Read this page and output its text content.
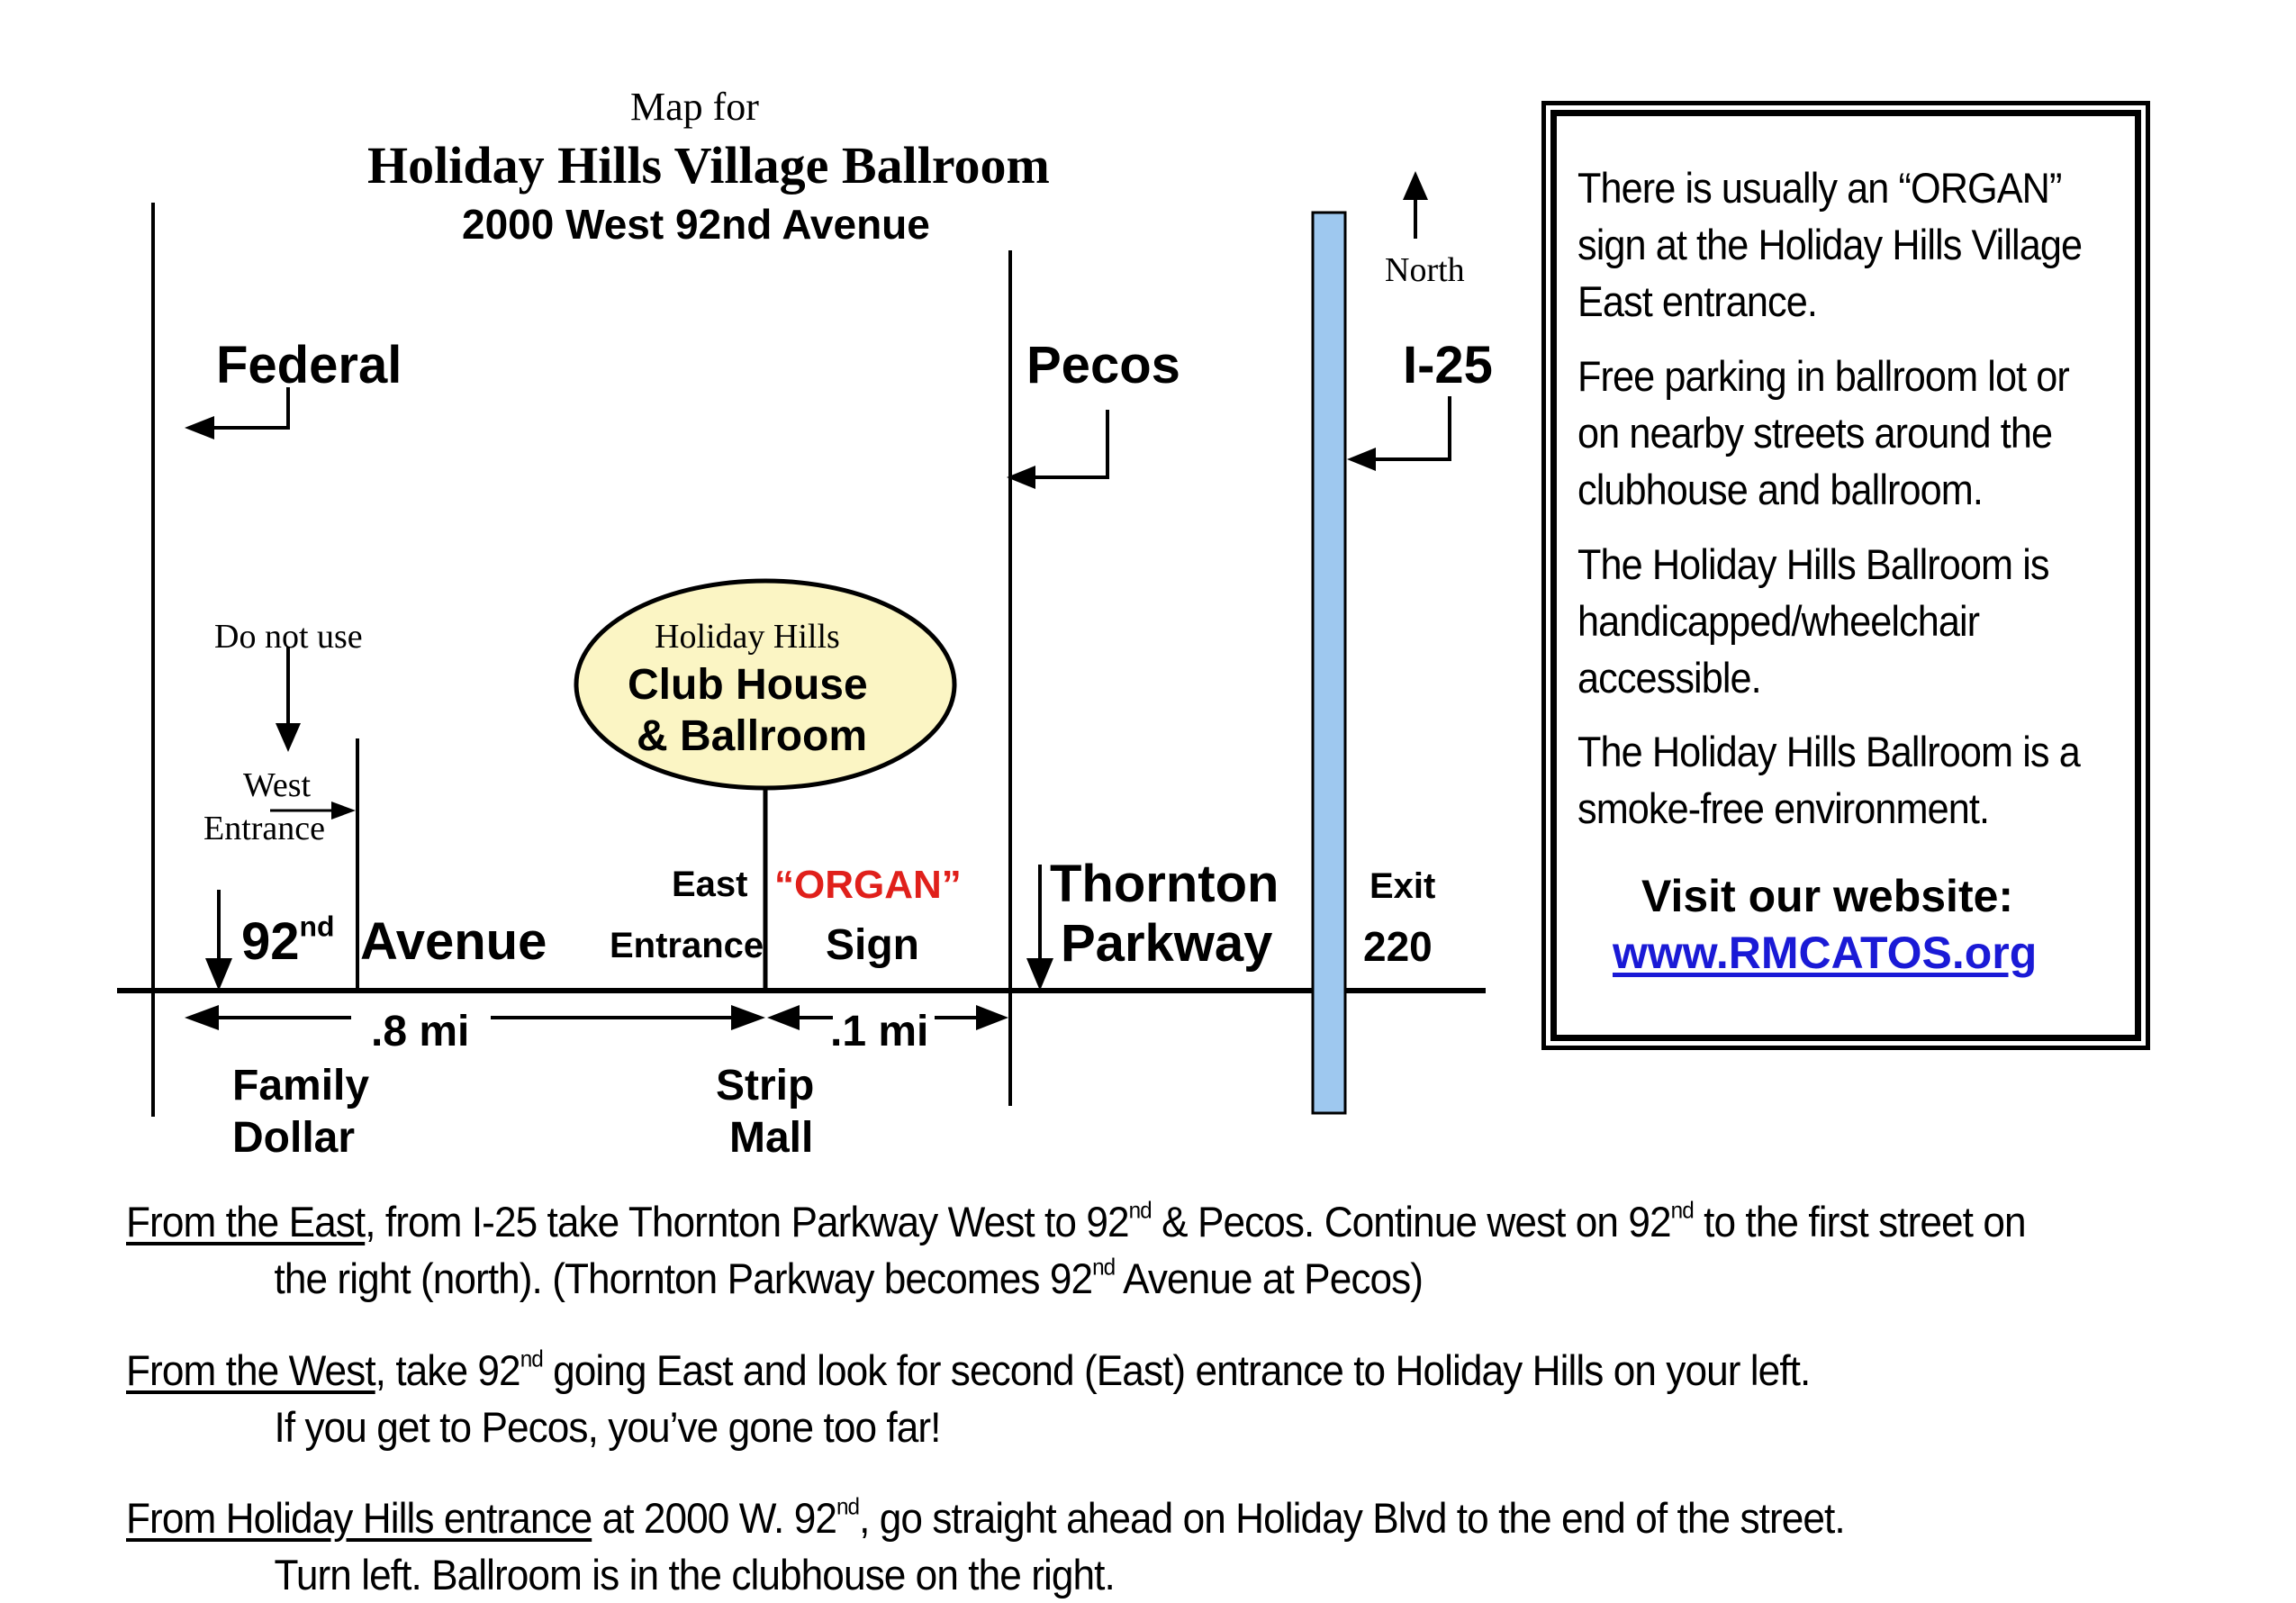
Map for
Holiday Hills Village Ballroom
2000 West 92nd Avenue
Federal	Pecos	I-25
North
Do not use
West
Entrance
Holiday Hills
Club House
& Ballroom
East
Entrance
“ORGAN”
Sign
92nd Avenue
Thornton
Parkway
Exit
220
.8 mi	.1 mi
Family
Dollar
Strip
Mall
There is usually an “ORGAN” sign at the Holiday Hills Village East entrance.
Free parking in ballroom lot or on nearby streets around the clubhouse and ballroom.
The Holiday Hills Ballroom is handicapped/wheelchair accessible.
The Holiday Hills Ballroom is a smoke-free environment.
Visit our website:
www.RMCATOS.org
From the East, from I-25 take Thornton Parkway West to 92nd & Pecos. Continue west on 92nd to the first street on
the right (north). (Thornton Parkway becomes 92nd Avenue at Pecos)
From the West, take 92nd going East and look for second (East) entrance to Holiday Hills on your left.
If you get to Pecos, you’ve gone too far!
From Holiday Hills entrance at 2000 W. 92nd, go straight ahead on Holiday Blvd to the end of the street.
Turn left. Ballroom is in the clubhouse on the right.
